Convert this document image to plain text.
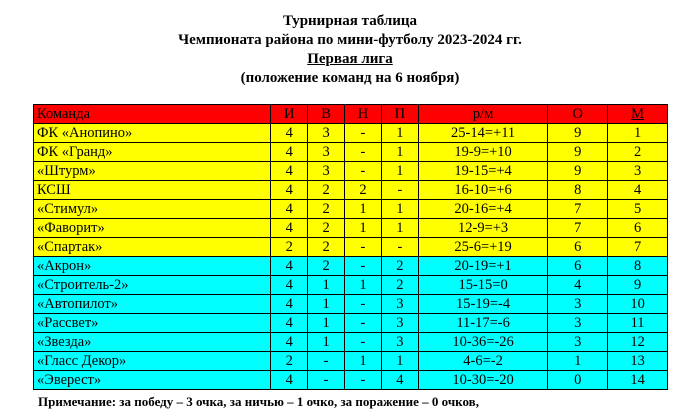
Турнирная таблица
Чемпионата района по мини-футболу 2023-2024 гг.
Первая лига
(положение команд на 6 ноября)
Команда	И	В	Н	П	р/м	О	М
ФК «Анопино»	4	3	-	1	25-14=+11	9	1
ФК «Гранд»	4	3	-	1	19-9=+10	9	2
«Штурм»	4	3	-	1	19-15=+4	9	3
КСШ	4	2	2	-	16-10=+6	8	4
«Стимул»	4	2	1	1	20-16=+4	7	5
«Фаворит»	4	2	1	1	12-9=+3	7	6
«Спартак»	2	2	-	-	25-6=+19	6	7
«Акрон»	4	2	-	2	20-19=+1	6	8
«Строитель-2»	4	1	1	2	15-15=0	4	9
«Автопилот»	4	1	-	3	15-19=-4	3	10
«Рассвет»	4	1	-	3	11-17=-6	3	11
«Звезда»	4	1	-	3	10-36=-26	3	12
«Гласс Декор»	2	-	1	1	4-6=-2	1	13
«Эверест»	4	-	-	4	10-30=-20	0	14
Примечание: за победу – 3 очка, за ничью – 1 очко, за поражение – 0 очков,
